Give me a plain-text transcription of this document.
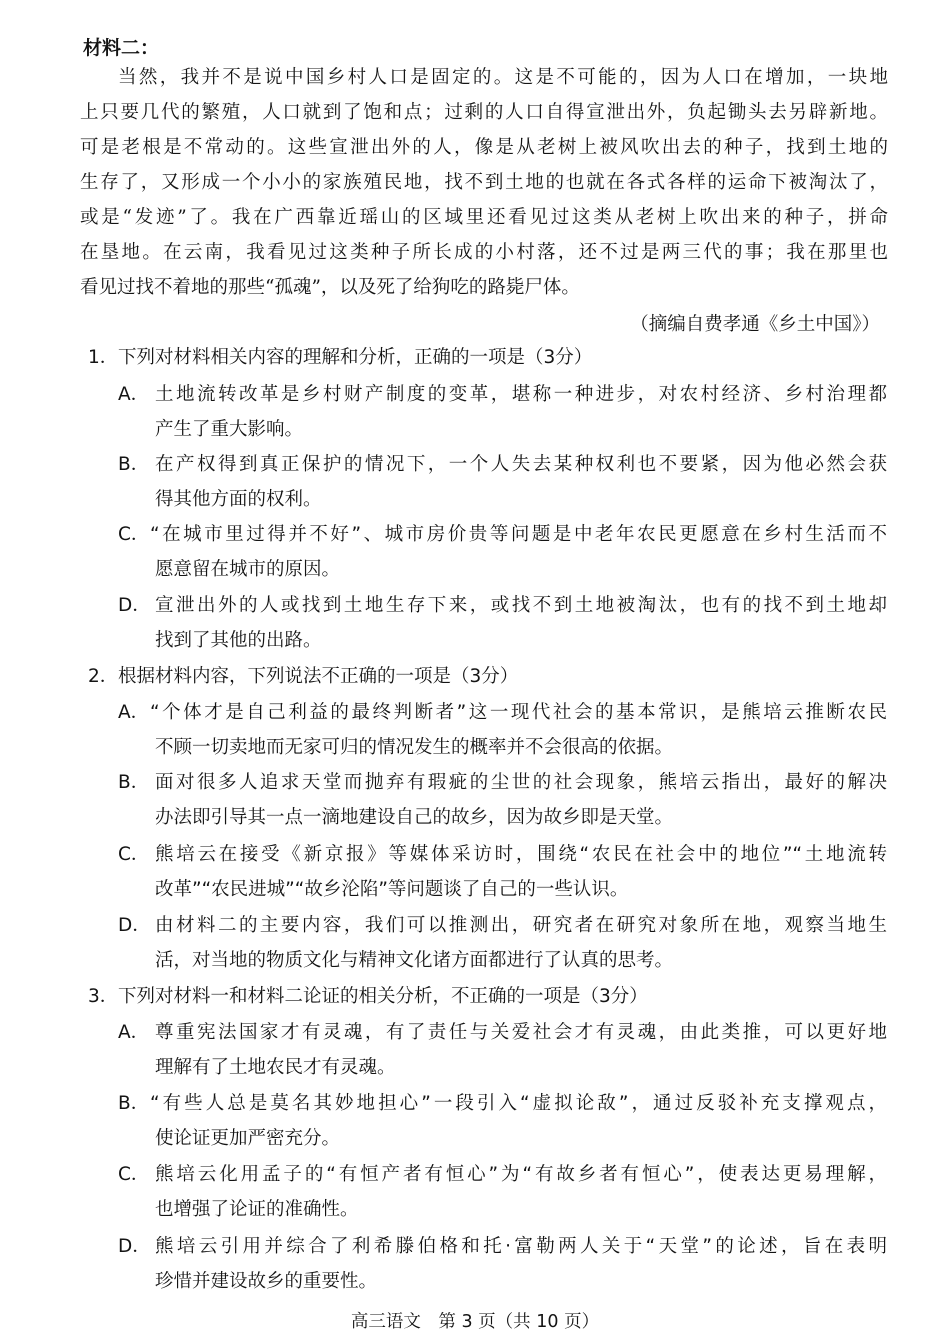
材料二：
当然，我并不是说中国乡村人口是固定的。这是不可能的，因为人口在增加，一块地
上只要几代的繁殖，人口就到了饱和点；过剩的人口自得宣泄出外，负起锄头去另辟新地。
可是老根是不常动的。这些宣泄出外的人，像是从老树上被风吹出去的种子，找到土地的
生存了，又形成一个小小的家族殖民地，找不到土地的也就在各式各样的运命下被淘汰了，
或是“发迹”了。我在广西靠近瑶山的区域里还看见过这类从老树上吹出来的种子，拼命
在垦地。在云南，我看见过这类种子所长成的小村落，还不过是两三代的事；我在那里也
看见过找不着地的那些“孤魂”，以及死了给狗吃的路毙尸体。
（摘编自费孝通《乡土中国》）
1．下列对材料相关内容的理解和分析，正确的一项是（3分）
A． 土地流转改革是乡村财产制度的变革，堪称一种进步，对农村经济、乡村治理都
产生了重大影响。
B． 在产权得到真正保护的情况下，一个人失去某种权利也不要紧，因为他必然会获
得其他方面的权利。
C． “在城市里过得并不好”、城市房价贵等问题是中老年农民更愿意在乡村生活而不
愿意留在城市的原因。
D． 宣泄出外的人或找到土地生存下来，或找不到土地被淘汰，也有的找不到土地却
找到了其他的出路。
2．根据材料内容，下列说法不正确的一项是（3分）
A． “个体才是自己利益的最终判断者”这一现代社会的基本常识，是熊培云推断农民
不顾一切卖地而无家可归的情况发生的概率并不会很高的依据。
B． 面对很多人追求天堂而抛弃有瑕疵的尘世的社会现象，熊培云指出，最好的解决
办法即引导其一点一滴地建设自己的故乡，因为故乡即是天堂。
C． 熊培云在接受《新京报》等媒体采访时，围绕“农民在社会中的地位”“土地流转
改革”“农民进城”“故乡沦陷”等问题谈了自己的一些认识。
D． 由材料二的主要内容，我们可以推测出，研究者在研究对象所在地，观察当地生
活，对当地的物质文化与精神文化诸方面都进行了认真的思考。
3．下列对材料一和材料二论证的相关分析，不正确的一项是（3分）
A． 尊重宪法国家才有灵魂，有了责任与关爱社会才有灵魂，由此类推，可以更好地
理解有了土地农民才有灵魂。
B． “有些人总是莫名其妙地担心”一段引入“虚拟论敌”，通过反驳补充支撑观点，
使论证更加严密充分。
C． 熊培云化用孟子的“有恒产者有恒心”为“有故乡者有恒心”，使表达更易理解，
也增强了论证的准确性。
D． 熊培云引用并综合了利希滕伯格和托·富勒两人关于“天堂”的论述，旨在表明
珍惜并建设故乡的重要性。
高三语文　第 3 页（共 10 页）
